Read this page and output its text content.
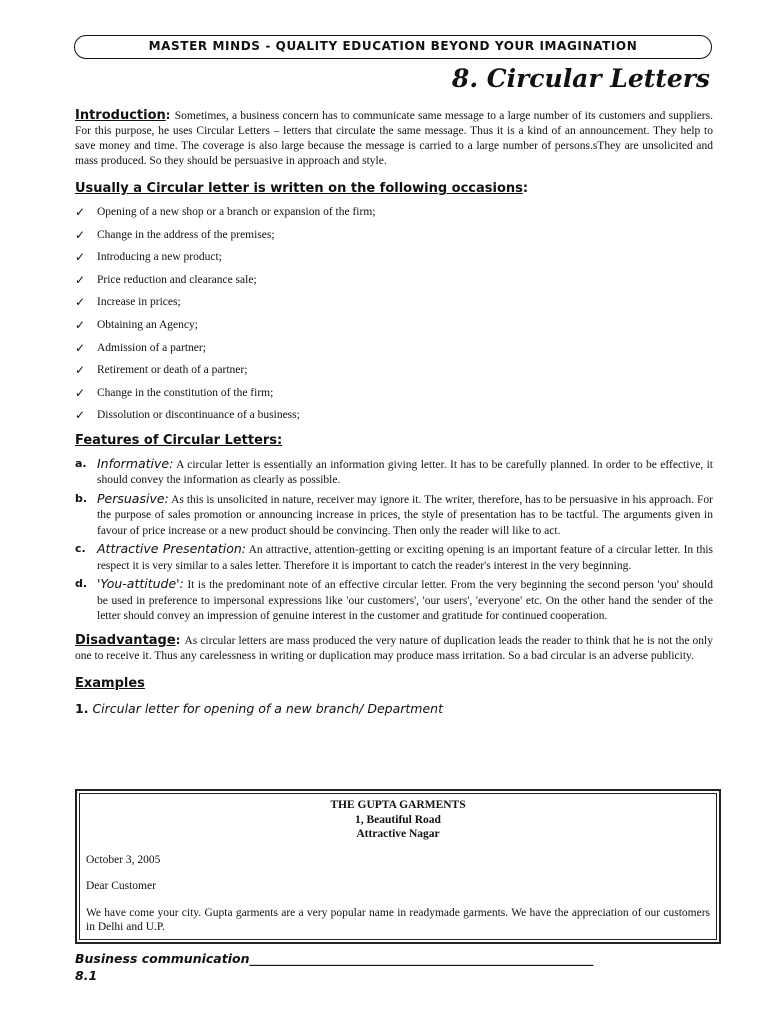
MASTER MINDS - QUALITY EDUCATION BEYOND YOUR IMAGINATION
8. Circular Letters

Introduction: Sometimes, a business concern has to communicate same message to a large number of its customers and suppliers. For this purpose, he uses Circular Letters – letters that circulate the same message. Thus it is a kind of an announcement. They help to save money and time. The coverage is also large because the message is carried to a large number of persons.sThey are unsolicited and mass produced. So they should be persuasive in approach and style.

Usually a Circular letter is written on the following occasions:
✓	Opening of a new shop or a branch or expansion of the firm;
✓	Change in the address of the premises;
✓	Introducing a new product;
✓	Price reduction and clearance sale;
✓	Increase in prices;
✓	Obtaining an Agency;
✓	Admission of a partner;
✓	Retirement or death of a partner;
✓	Change in the constitution of the firm;
✓	Dissolution or discontinuance of a business;
Features of Circular Letters:
a. Informative: A circular letter is essentially an information giving letter. It has to be carefully planned. In order to be effective, it should convey the information as clearly as possible.
b. Persuasive: As this is unsolicited in nature, receiver may ignore it. The writer, therefore, has to be persuasive in his approach. For the purpose of sales promotion or announcing increase in prices, the style of presentation has to be tactful. The arguments given in favour of price increase or a new product should be convincing. Then only the reader will like to act.
c. Attractive Presentation: An attractive, attention-getting or exciting opening is an important feature of a circular letter. In this respect it is very similar to a sales letter. Therefore it is important to catch the reader's interest in the very beginning.
d. 'You-attitude': It is the predominant note of an effective circular letter. From the very beginning the second person 'you' should be used in preference to impersonal expressions like 'our customers', 'our users', 'everyone' etc. On the other hand the sender of the letter should convey an impression of genuine interest in the customer and gratitude for continued cooperation.

Disadvantage: As circular letters are mass produced the very nature of duplication leads the reader to think that he is not the only one to receive it. Thus any carelessness in writing or duplication may produce mass irritation. So a bad circular is an adverse publicity.

Examples
1. Circular letter for opening of a new branch/ Department
THE GUPTA GARMENTS
1, Beautiful Road
Attractive Nagar
October 3, 2005
Dear Customer
We have come your city. Gupta garments are a very popular name in readymade garments. We have the appreciation of our customers in Delhi and U.P.
Business communication_______________________________________________________
8.1
